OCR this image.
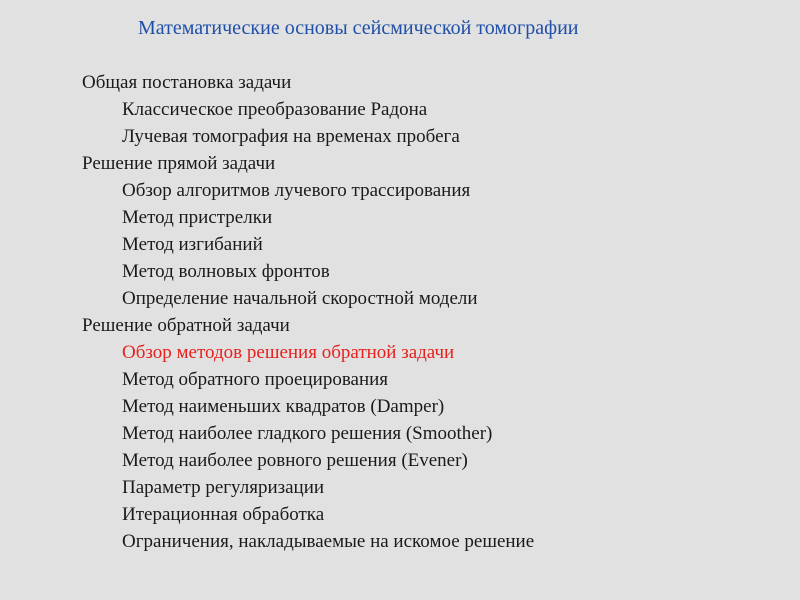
Математические основы сейсмической томографии
Общая постановка задачи
Классическое преобразование Радона
Лучевая томография на временах пробега
Решение прямой задачи
Обзор алгоритмов лучевого трассирования
Метод пристрелки
Метод изгибаний
Метод волновых фронтов
Определение начальной скоростной модели
Решение обратной задачи
Обзор методов решения обратной задачи
Метод обратного проецирования
Метод наименьших квадратов (Damper)
Метод наиболее гладкого решения (Smoother)
Метод наиболее ровного решения (Evener)
Параметр регуляризации
Итерационная обработка
Ограничения, накладываемые на искомое решение
